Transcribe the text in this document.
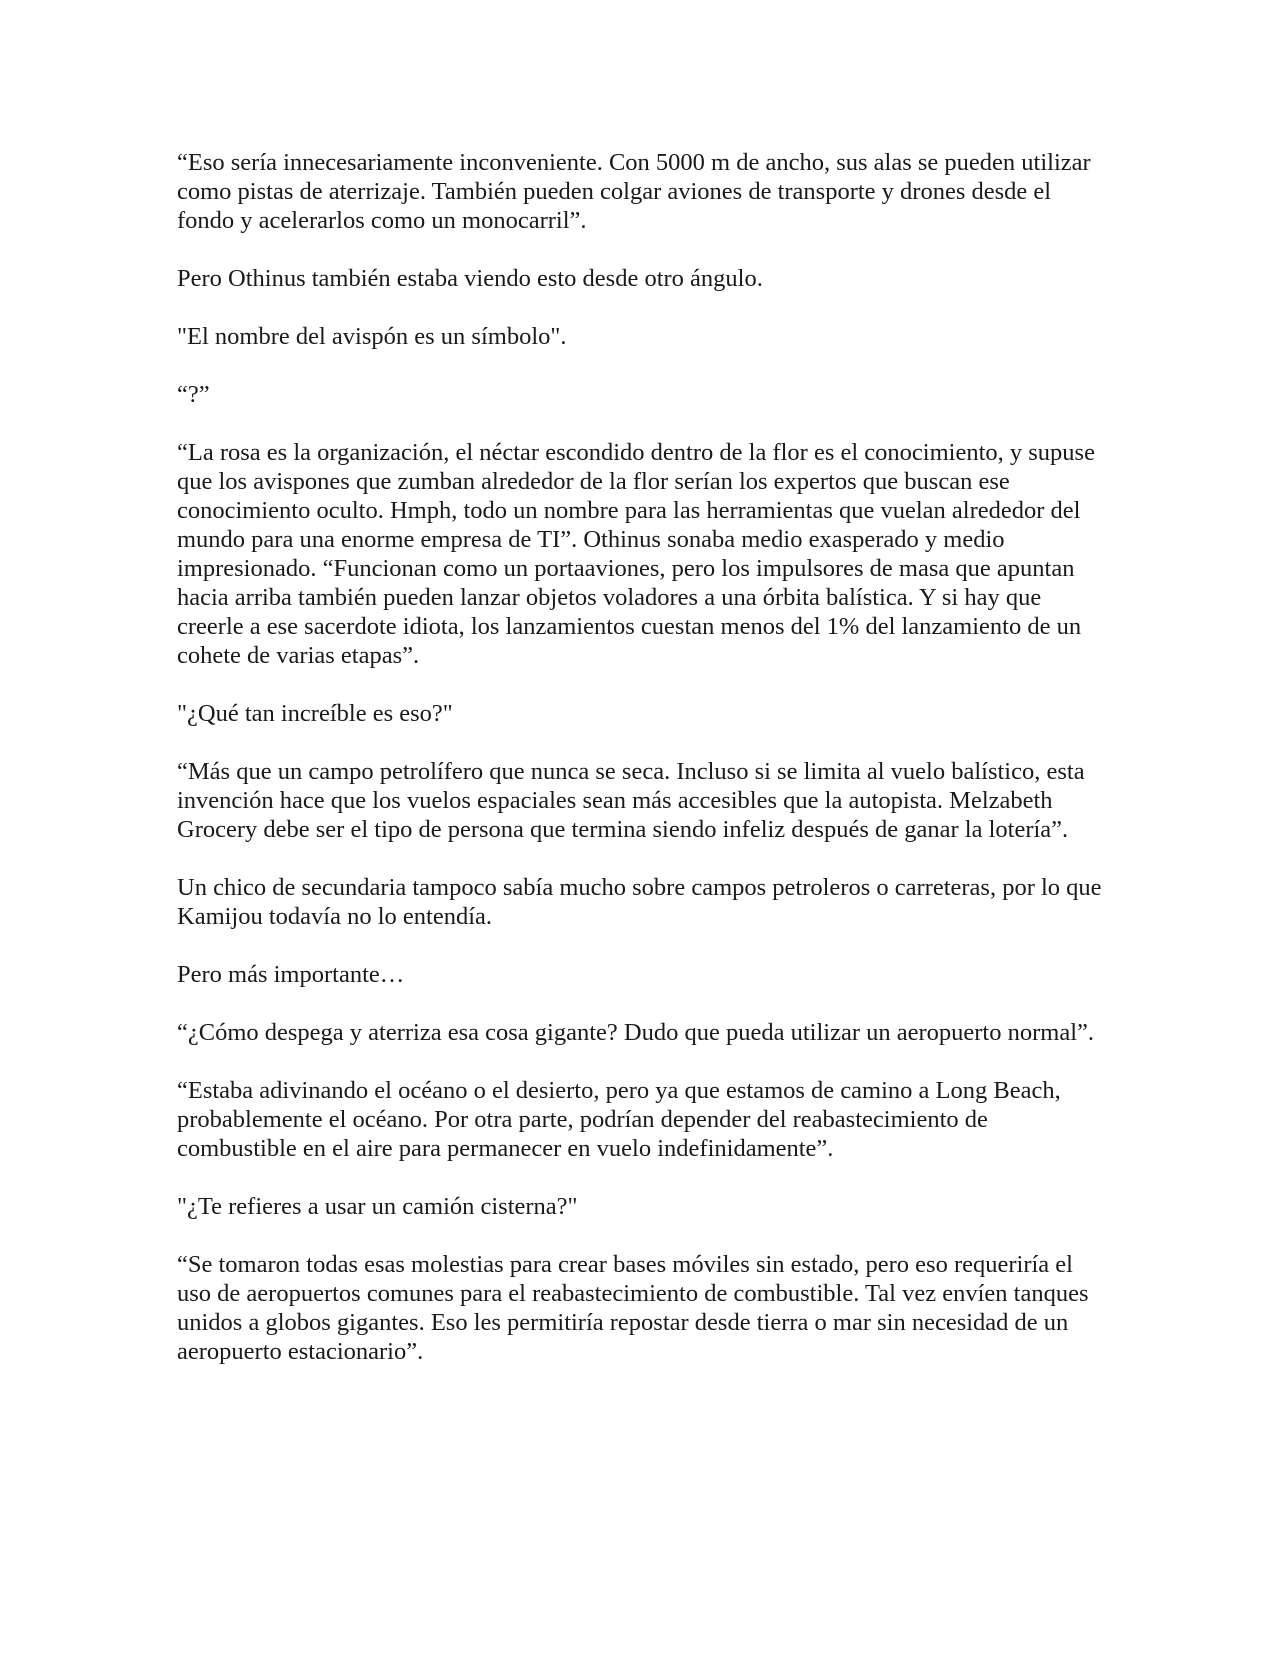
“Eso sería innecesariamente inconveniente. Con 5000 m de ancho, sus alas se pueden utilizar como pistas de aterrizaje. También pueden colgar aviones de transporte y drones desde el fondo y acelerarlos como un monocarril”.

Pero Othinus también estaba viendo esto desde otro ángulo.

"El nombre del avispón es un símbolo".

“?”

“La rosa es la organización, el néctar escondido dentro de la flor es el conocimiento, y supuse que los avispones que zumban alrededor de la flor serían los expertos que buscan ese conocimiento oculto. Hmph, todo un nombre para las herramientas que vuelan alrededor del mundo para una enorme empresa de TI”. Othinus sonaba medio exasperado y medio impresionado. “Funcionan como un portaaviones, pero los impulsores de masa que apuntan hacia arriba también pueden lanzar objetos voladores a una órbita balística. Y si hay que creerle a ese sacerdote idiota, los lanzamientos cuestan menos del 1% del lanzamiento de un cohete de varias etapas”.

"¿Qué tan increíble es eso?"

“Más que un campo petrolífero que nunca se seca. Incluso si se limita al vuelo balístico, esta invención hace que los vuelos espaciales sean más accesibles que la autopista. Melzabeth Grocery debe ser el tipo de persona que termina siendo infeliz después de ganar la lotería”.

Un chico de secundaria tampoco sabía mucho sobre campos petroleros o carreteras, por lo que Kamijou todavía no lo entendía.

Pero más importante…

“¿Cómo despega y aterriza esa cosa gigante? Dudo que pueda utilizar un aeropuerto normal”.

“Estaba adivinando el océano o el desierto, pero ya que estamos de camino a Long Beach, probablemente el océano. Por otra parte, podrían depender del reabastecimiento de combustible en el aire para permanecer en vuelo indefinidamente”.

"¿Te refieres a usar un camión cisterna?"

“Se tomaron todas esas molestias para crear bases móviles sin estado, pero eso requeriría el uso de aeropuertos comunes para el reabastecimiento de combustible. Tal vez envíen tanques unidos a globos gigantes. Eso les permitiría repostar desde tierra o mar sin necesidad de un aeropuerto estacionario”.
